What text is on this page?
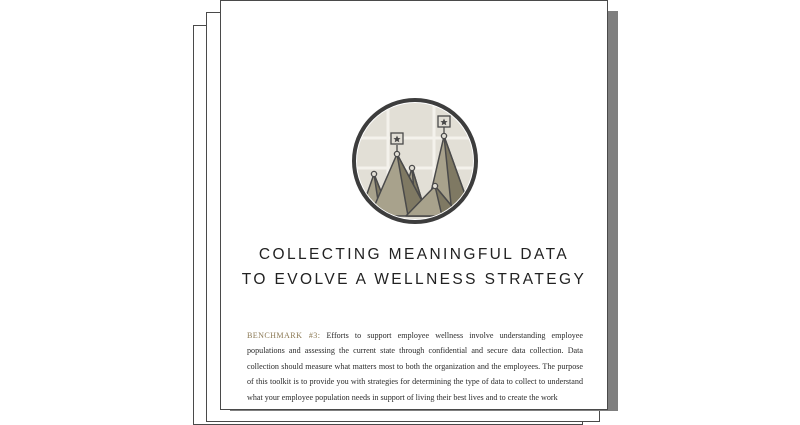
COLLECTING MEANINGFUL DATA
TO EVOLVE A WELLNESS STRATEGY
BENCHMARK #3: Efforts to support employee wellness involve understanding employee populations and assessing the current state through confidential and secure data collection. Data collection should measure what matters most to both the organization and the employees. The purpose of this toolkit is to provide you with strategies for determining the type of data to collect to understand what your employee population needs in support of living their best lives and to create the work
